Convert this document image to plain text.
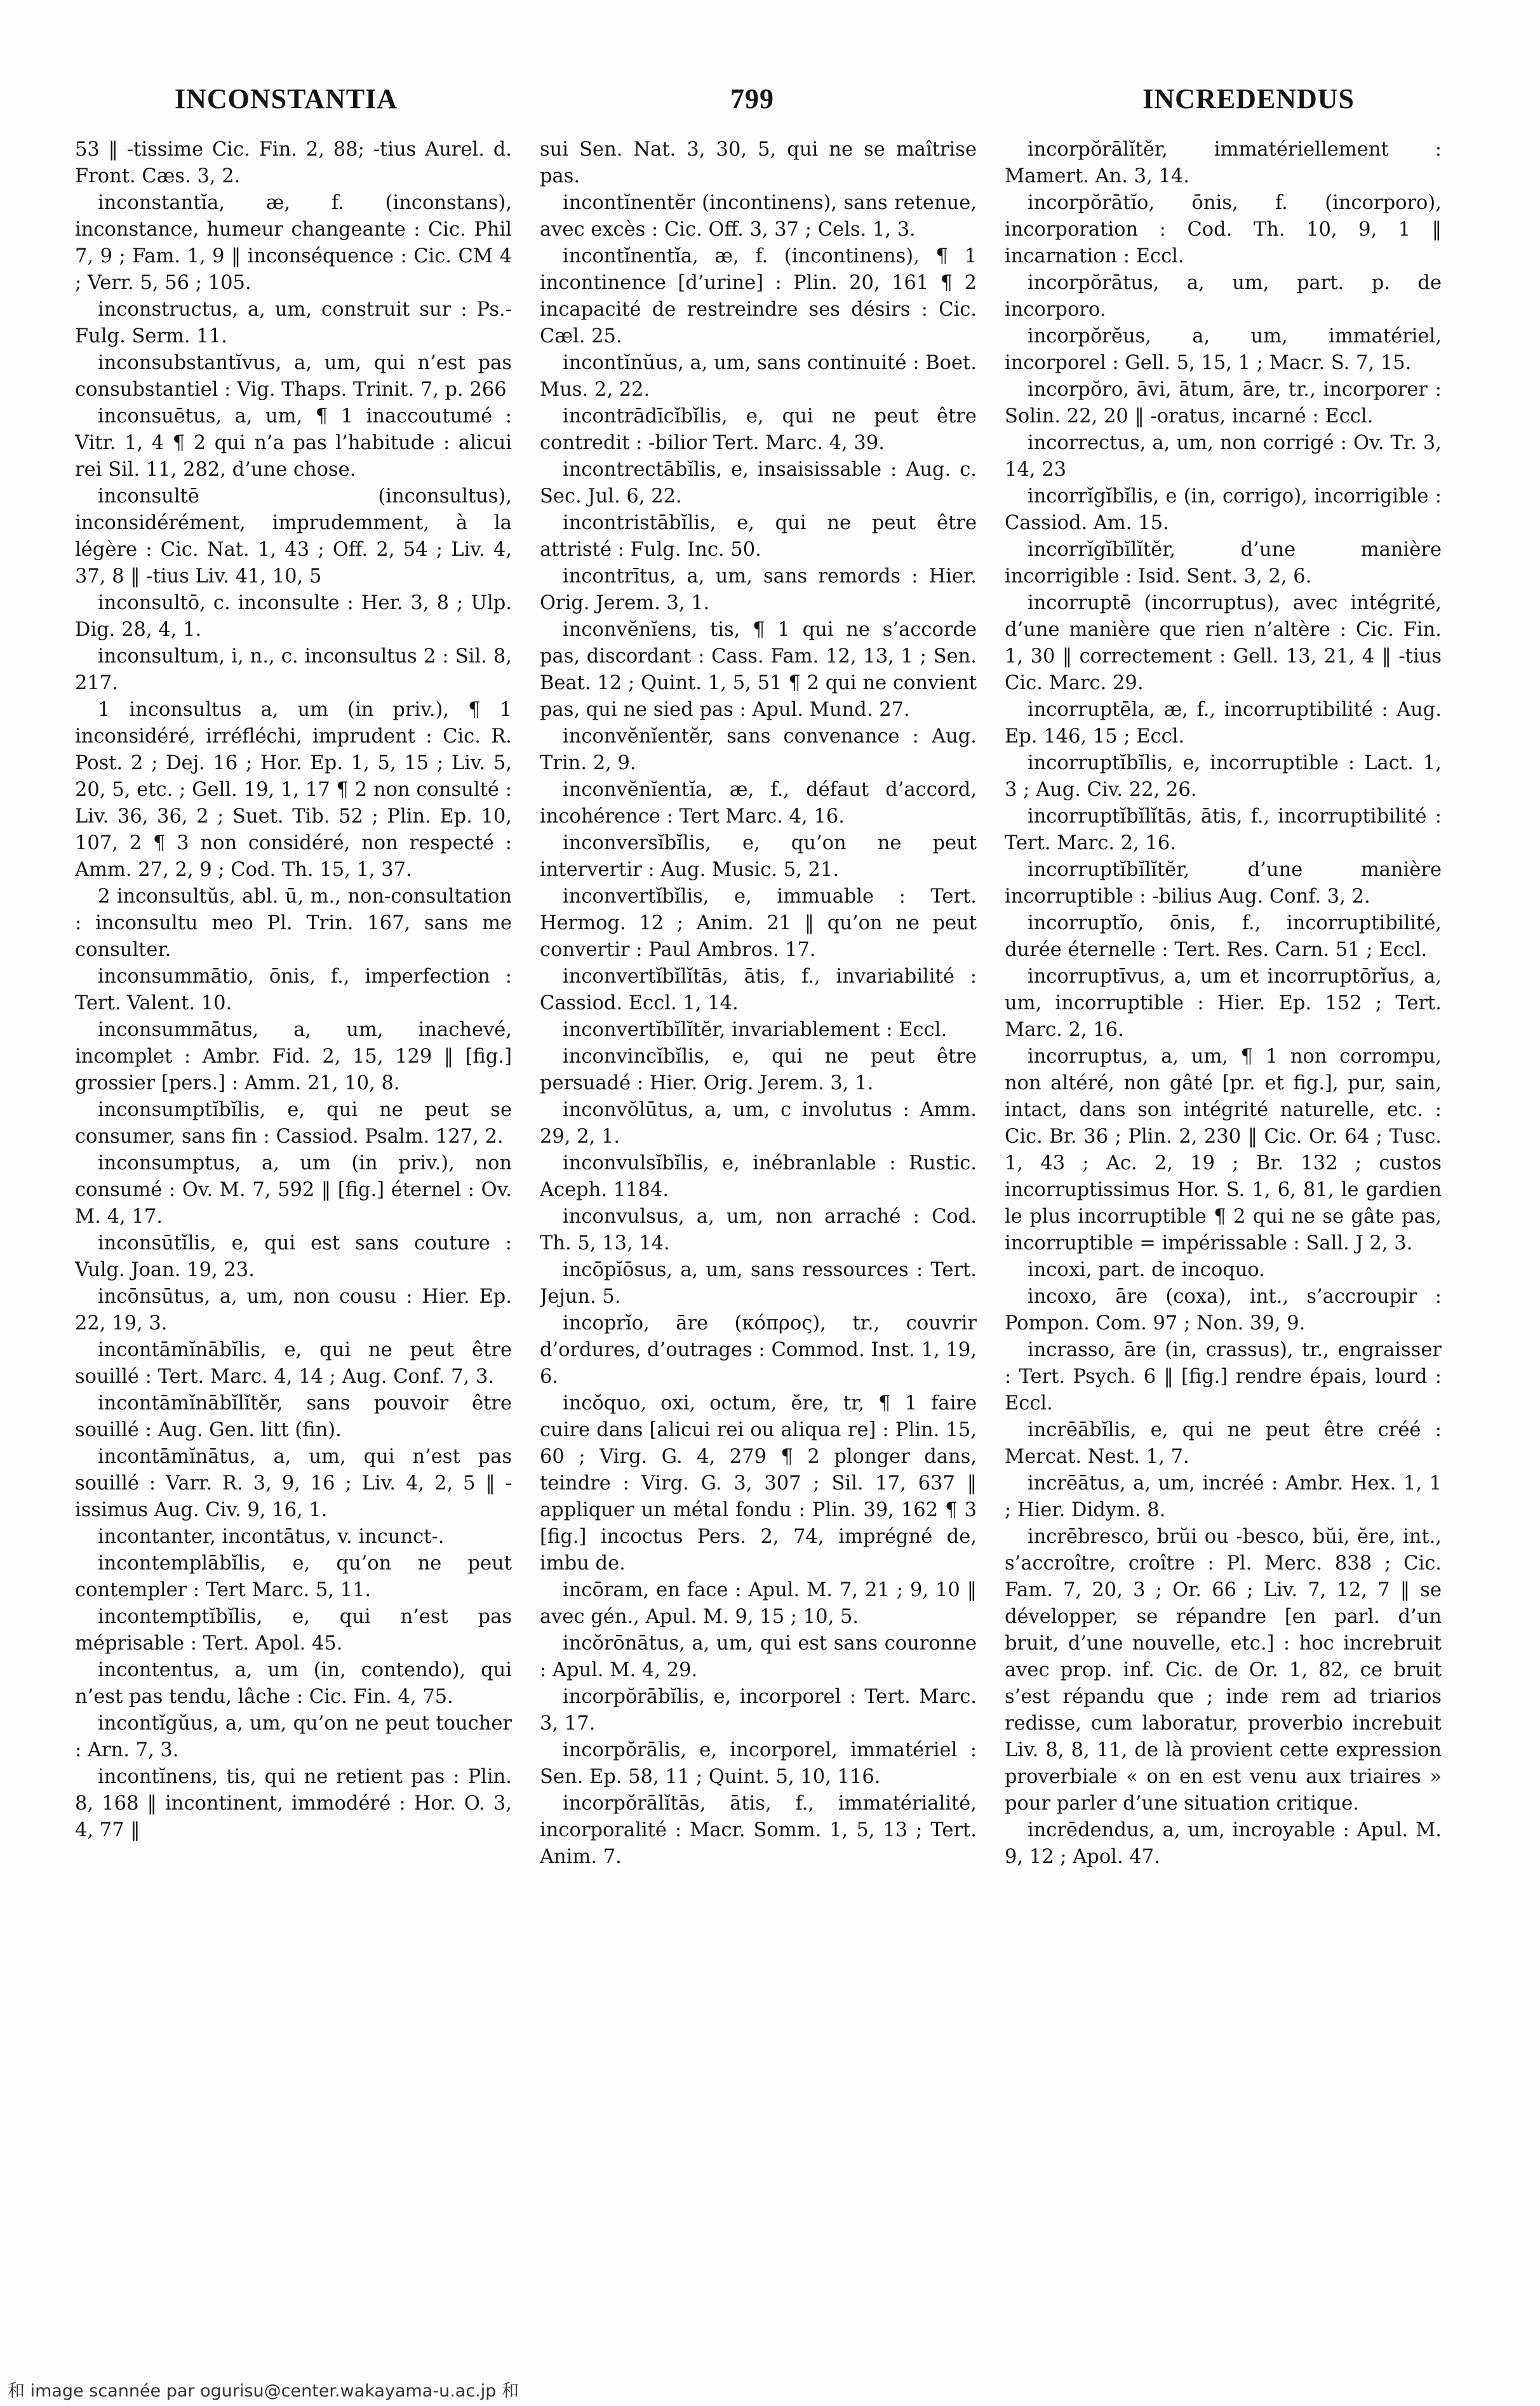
INCONSTANTIA	799	INCREDENDUS

53 ‖ -tissime Cic. Fin. 2, 88; -tius Aurel. d. Front. Cæs. 3, 2.

inconstantĭa, æ, f. (inconstans), inconstance, humeur changeante : Cic. Phil 7, 9 ; Fam. 1, 9 ‖ inconséquence : Cic. CM 4 ; Verr. 5, 56 ; 105.

inconstructus, a, um, construit sur : Ps.-Fulg. Serm. 11.

inconsubstantĭvus, a, um, qui n’est pas consubstantiel : Vig. Thaps. Trinit. 7, p. 266

inconsuētus, a, um, ¶ 1 inaccoutumé : Vitr. 1, 4 ¶ 2 qui n’a pas l’habitude : alicui rei Sil. 11, 282, d’une chose.

inconsultē (inconsultus), inconsidérément, imprudemment, à la légère : Cic. Nat. 1, 43 ; Off. 2, 54 ; Liv. 4, 37, 8 ‖ -tius Liv. 41, 10, 5

inconsultō, c. inconsulte : Her. 3, 8 ; Ulp. Dig. 28, 4, 1.

inconsultum, i, n., c. inconsultus 2 : Sil. 8, 217.

1 inconsultus a, um (in priv.), ¶ 1 inconsidéré, irréfléchi, imprudent : Cic. R. Post. 2 ; Dej. 16 ; Hor. Ep. 1, 5, 15 ; Liv. 5, 20, 5, etc. ; Gell. 19, 1, 17 ¶ 2 non consulté : Liv. 36, 36, 2 ; Suet. Tib. 52 ; Plin. Ep. 10, 107, 2 ¶ 3 non considéré, non respecté : Amm. 27, 2, 9 ; Cod. Th. 15, 1, 37.

2 inconsultŭs, abl. ū, m., non-consultation : inconsultu meo Pl. Trin. 167, sans me consulter.

inconsummātio, ōnis, f., imperfection : Tert. Valent. 10.

inconsummātus, a, um, inachevé, incomplet : Ambr. Fid. 2, 15, 129 ‖ [fig.] grossier [pers.] : Amm. 21, 10, 8.

inconsumptĭbĭlis, e, qui ne peut se consumer, sans fin : Cassiod. Psalm. 127, 2.

inconsumptus, a, um (in priv.), non consumé : Ov. M. 7, 592 ‖ [fig.] éternel : Ov. M. 4, 17.

inconsūtĭlis, e, qui est sans couture : Vulg. Joan. 19, 23.

incōnsūtus, a, um, non cousu : Hier. Ep. 22, 19, 3.

incontāmĭnābĭlis, e, qui ne peut être souillé : Tert. Marc. 4, 14 ; Aug. Conf. 7, 3.

incontāmĭnābĭlĭtĕr, sans pouvoir être souillé : Aug. Gen. litt (fin).

incontāmĭnātus, a, um, qui n’est pas souillé : Varr. R. 3, 9, 16 ; Liv. 4, 2, 5 ‖ -issimus Aug. Civ. 9, 16, 1.

incontanter, incontātus, v. incunct-.

incontemplābĭlis, e, qu’on ne peut contempler : Tert Marc. 5, 11.

incontemptĭbĭlis, e, qui n’est pas méprisable : Tert. Apol. 45.

incontentus, a, um (in, contendo), qui n’est pas tendu, lâche : Cic. Fin. 4, 75.

incontĭgŭus, a, um, qu’on ne peut toucher : Arn. 7, 3.

incontĭnens, tis, qui ne retient pas : Plin. 8, 168 ‖ incontinent, immodéré : Hor. O. 3, 4, 77 ‖

sui Sen. Nat. 3, 30, 5, qui ne se maîtrise pas.

incontĭnentĕr (incontinens), sans retenue, avec excès : Cic. Off. 3, 37 ; Cels. 1, 3.

incontĭnentĭa, æ, f. (incontinens), ¶ 1 incontinence [d’urine] : Plin. 20, 161 ¶ 2 incapacité de restreindre ses désirs : Cic. Cæl. 25.

incontĭnŭus, a, um, sans continuité : Boet. Mus. 2, 22.

incontrādīcĭbĭlis, e, qui ne peut être contredit : -bilior Tert. Marc. 4, 39.

incontrectābĭlis, e, insaisissable : Aug. c. Sec. Jul. 6, 22.

incontristābĭlis, e, qui ne peut être attristé : Fulg. Inc. 50.

incontrītus, a, um, sans remords : Hier. Orig. Jerem. 3, 1.

inconvĕnĭens, tis, ¶ 1 qui ne s’accorde pas, discordant : Cass. Fam. 12, 13, 1 ; Sen. Beat. 12 ; Quint. 1, 5, 51 ¶ 2 qui ne convient pas, qui ne sied pas : Apul. Mund. 27.

inconvĕnĭentĕr, sans convenance : Aug. Trin. 2, 9.

inconvĕnĭentĭa, æ, f., défaut d’accord, incohérence : Tert Marc. 4, 16.

inconversĭbĭlis, e, qu’on ne peut intervertir : Aug. Music. 5, 21.

inconvertĭbĭlis, e, immuable : Tert. Hermog. 12 ; Anim. 21 ‖ qu’on ne peut convertir : Paul Ambros. 17.

inconvertĭbĭlĭtās, ātis, f., invariabilité : Cassiod. Eccl. 1, 14.

inconvertĭbĭlĭtĕr, invariablement : Eccl.

inconvincĭbĭlis, e, qui ne peut être persuadé : Hier. Orig. Jerem. 3, 1.

inconvŏlūtus, a, um, c involutus : Amm. 29, 2, 1.

inconvulsĭbĭlis, e, inébranlable : Rustic. Aceph. 1184.

inconvulsus, a, um, non arraché : Cod. Th. 5, 13, 14.

incōpĭōsus, a, um, sans ressources : Tert. Jejun. 5.

incoprĭo, āre (κόπρος), tr., couvrir d’ordures, d’outrages : Commod. Inst. 1, 19, 6.

incŏquo, oxi, octum, ĕre, tr, ¶ 1 faire cuire dans [alicui rei ou aliqua re] : Plin. 15, 60 ; Virg. G. 4, 279 ¶ 2 plonger dans, teindre : Virg. G. 3, 307 ; Sil. 17, 637 ‖ appliquer un métal fondu : Plin. 39, 162 ¶ 3 [fig.] incoctus Pers. 2, 74, imprégné de, imbu de.

incōram, en face : Apul. M. 7, 21 ; 9, 10 ‖ avec gén., Apul. M. 9, 15 ; 10, 5.

incŏrōnātus, a, um, qui est sans couronne : Apul. M. 4, 29.

incorpŏrābĭlis, e, incorporel : Tert. Marc. 3, 17.

incorpŏrālis, e, incorporel, immatériel : Sen. Ep. 58, 11 ; Quint. 5, 10, 116.

incorpŏrālĭtās, ātis, f., immatérialité, incorporalité : Macr. Somm. 1, 5, 13 ; Tert. Anim. 7.

incorpŏrālĭtĕr, immatériellement : Mamert. An. 3, 14.

incorpŏrātĭo, ōnis, f. (incorporo), incorporation : Cod. Th. 10, 9, 1 ‖ incarnation : Eccl.

incorpŏrātus, a, um, part. p. de incorporo.

incorpŏrĕus, a, um, immatériel, incorporel : Gell. 5, 15, 1 ; Macr. S. 7, 15.

incorpŏro, āvi, ātum, āre, tr., incorporer : Solin. 22, 20 ‖ -oratus, incarné : Eccl.

incorrectus, a, um, non corrigé : Ov. Tr. 3, 14, 23

incorrĭgĭbĭlis, e (in, corrigo), incorrigible : Cassiod. Am. 15.

incorrĭgĭbĭlĭtĕr, d’une manière incorrigible : Isid. Sent. 3, 2, 6.

incorruptē (incorruptus), avec intégrité, d’une manière que rien n’altère : Cic. Fin. 1, 30 ‖ correctement : Gell. 13, 21, 4 ‖ -tius Cic. Marc. 29.

incorruptēla, æ, f., incorruptibilité : Aug. Ep. 146, 15 ; Eccl.

incorruptĭbĭlis, e, incorruptible : Lact. 1, 3 ; Aug. Civ. 22, 26.

incorruptĭbĭlĭtās, ātis, f., incorruptibilité : Tert. Marc. 2, 16.

incorruptĭbĭlĭtĕr, d’une manière incorruptible : -bilius Aug. Conf. 3, 2.

incorruptĭo, ōnis, f., incorruptibilité, durée éternelle : Tert. Res. Carn. 51 ; Eccl.

incorruptīvus, a, um et incorruptōrĭus, a, um, incorruptible : Hier. Ep. 152 ; Tert. Marc. 2, 16.

incorruptus, a, um, ¶ 1 non corrompu, non altéré, non gâté [pr. et fig.], pur, sain, intact, dans son intégrité naturelle, etc. : Cic. Br. 36 ; Plin. 2, 230 ‖ Cic. Or. 64 ; Tusc. 1, 43 ; Ac. 2, 19 ; Br. 132 ; custos incorruptissimus Hor. S. 1, 6, 81, le gardien le plus incorruptible ¶ 2 qui ne se gâte pas, incorruptible = impérissable : Sall. J 2, 3.

incoxi, part. de incoquo.

incoxo, āre (coxa), int., s’accroupir : Pompon. Com. 97 ; Non. 39, 9.

incrasso, āre (in, crassus), tr., engraisser : Tert. Psych. 6 ‖ [fig.] rendre épais, lourd : Eccl.

incrēābĭlis, e, qui ne peut être créé : Mercat. Nest. 1, 7.

incrēātus, a, um, incréé : Ambr. Hex. 1, 1 ; Hier. Didym. 8.

incrēbresco, brŭi ou -besco, bŭi, ĕre, int., s’accroître, croître : Pl. Merc. 838 ; Cic. Fam. 7, 20, 3 ; Or. 66 ; Liv. 7, 12, 7 ‖ se développer, se répandre [en parl. d’un bruit, d’une nouvelle, etc.] : hoc increbruit avec prop. inf. Cic. de Or. 1, 82, ce bruit s’est répandu que ; inde rem ad triarios redisse, cum laboratur, proverbio increbuit Liv. 8, 8, 11, de là provient cette expression proverbiale « on en est venu aux triaires » pour parler d’une situation critique.

incrēdendus, a, um, incroyable : Apul. M. 9, 12 ; Apol. 47.

和 image scannée par ogurisu@center.wakayama-u.ac.jp 和
